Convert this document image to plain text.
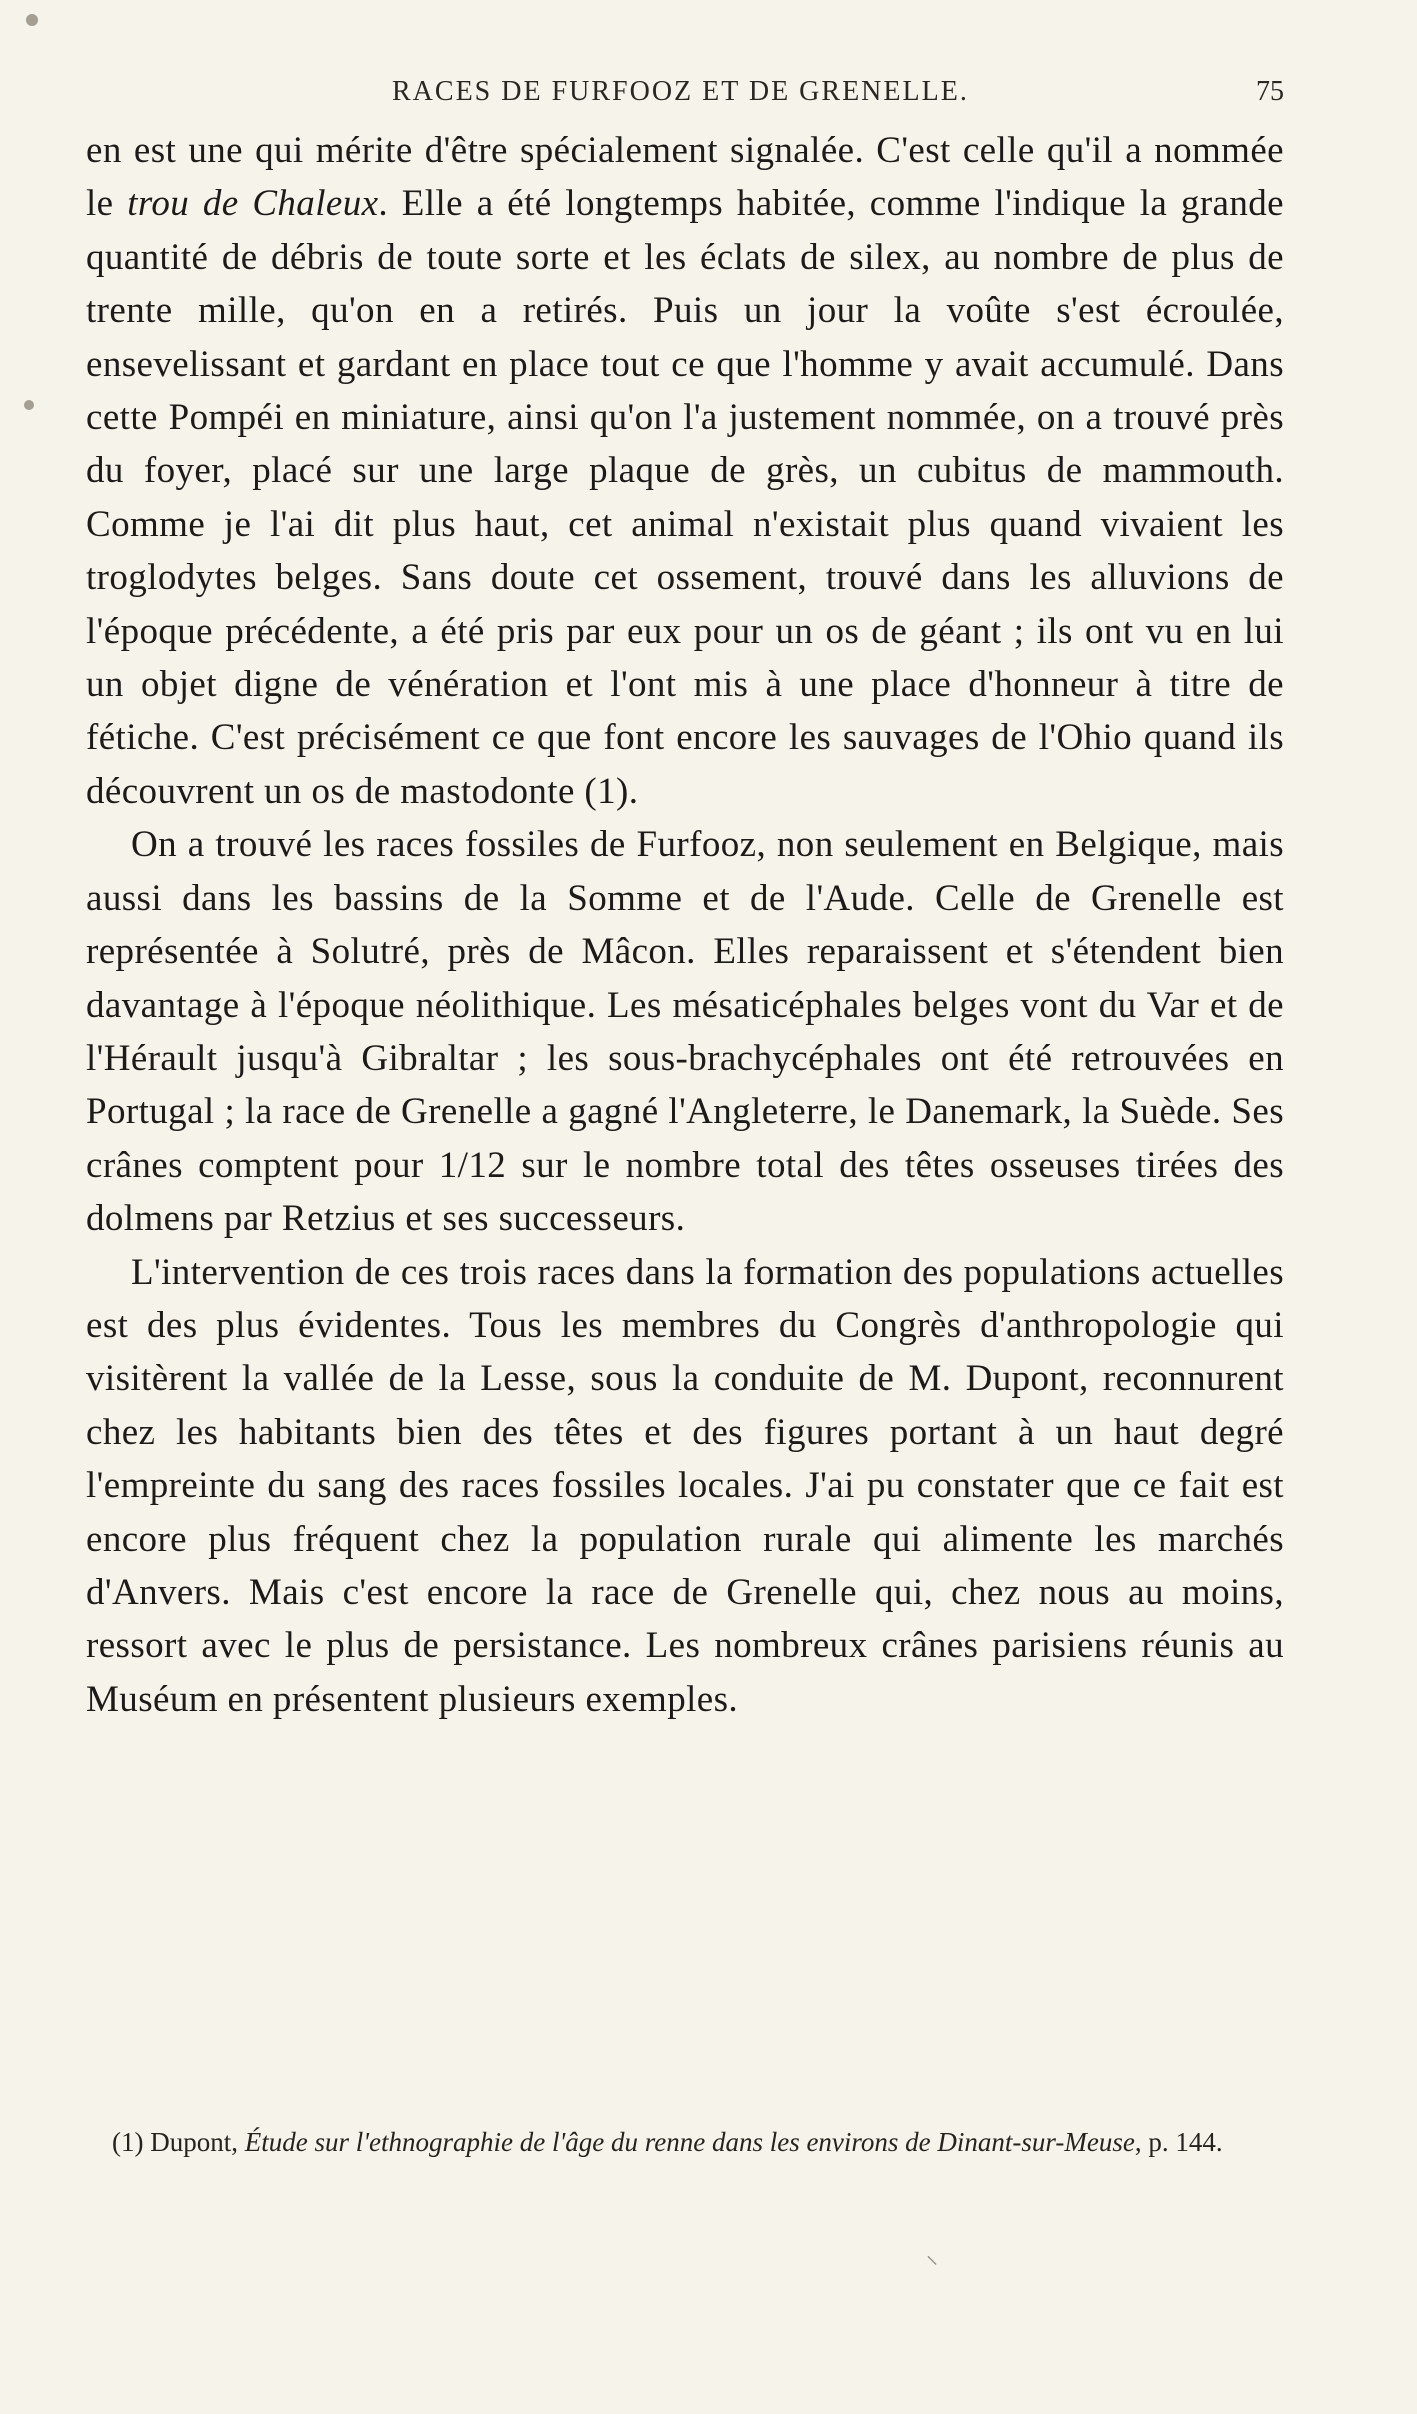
RACES DE FURFOOZ ET DE GRENELLE.	75

en est une qui mérite d'être spécialement signalée. C'est celle qu'il a nommée le trou de Chaleux. Elle a été longtemps habitée, comme l'indique la grande quantité de débris de toute sorte et les éclats de silex, au nombre de plus de trente mille, qu'on en a retirés. Puis un jour la voûte s'est écroulée, ensevelissant et gardant en place tout ce que l'homme y avait accumulé. Dans cette Pompéi en miniature, ainsi qu'on l'a justement nommée, on a trouvé près du foyer, placé sur une large plaque de grès, un cubitus de mammouth. Comme je l'ai dit plus haut, cet animal n'existait plus quand vivaient les troglodytes belges. Sans doute cet ossement, trouvé dans les alluvions de l'époque précédente, a été pris par eux pour un os de géant ; ils ont vu en lui un objet digne de vénération et l'ont mis à une place d'honneur à titre de fétiche. C'est précisément ce que font encore les sauvages de l'Ohio quand ils découvrent un os de mastodonte (1).

On a trouvé les races fossiles de Furfooz, non seulement en Belgique, mais aussi dans les bassins de la Somme et de l'Aude. Celle de Grenelle est représentée à Solutré, près de Mâcon. Elles reparaissent et s'étendent bien davantage à l'époque néolithique. Les mésaticéphales belges vont du Var et de l'Hérault jusqu'à Gibraltar ; les sous-brachycéphales ont été retrouvées en Portugal ; la race de Grenelle a gagné l'Angleterre, le Danemark, la Suède. Ses crânes comptent pour 1/12 sur le nombre total des têtes osseuses tirées des dolmens par Retzius et ses successeurs.

L'intervention de ces trois races dans la formation des populations actuelles est des plus évidentes. Tous les membres du Congrès d'anthropologie qui visitèrent la vallée de la Lesse, sous la conduite de M. Dupont, reconnurent chez les habitants bien des têtes et des figures portant à un haut degré l'empreinte du sang des races fossiles locales. J'ai pu constater que ce fait est encore plus fréquent chez la population rurale qui alimente les marchés d'Anvers. Mais c'est encore la race de Grenelle qui, chez nous au moins, ressort avec le plus de persistance. Les nombreux crânes parisiens réunis au Muséum en présentent plusieurs exemples.

(1) Dupont, Étude sur l'ethnographie de l'âge du renne dans les environs de Dinant-sur-Meuse, p. 144.

⸌
